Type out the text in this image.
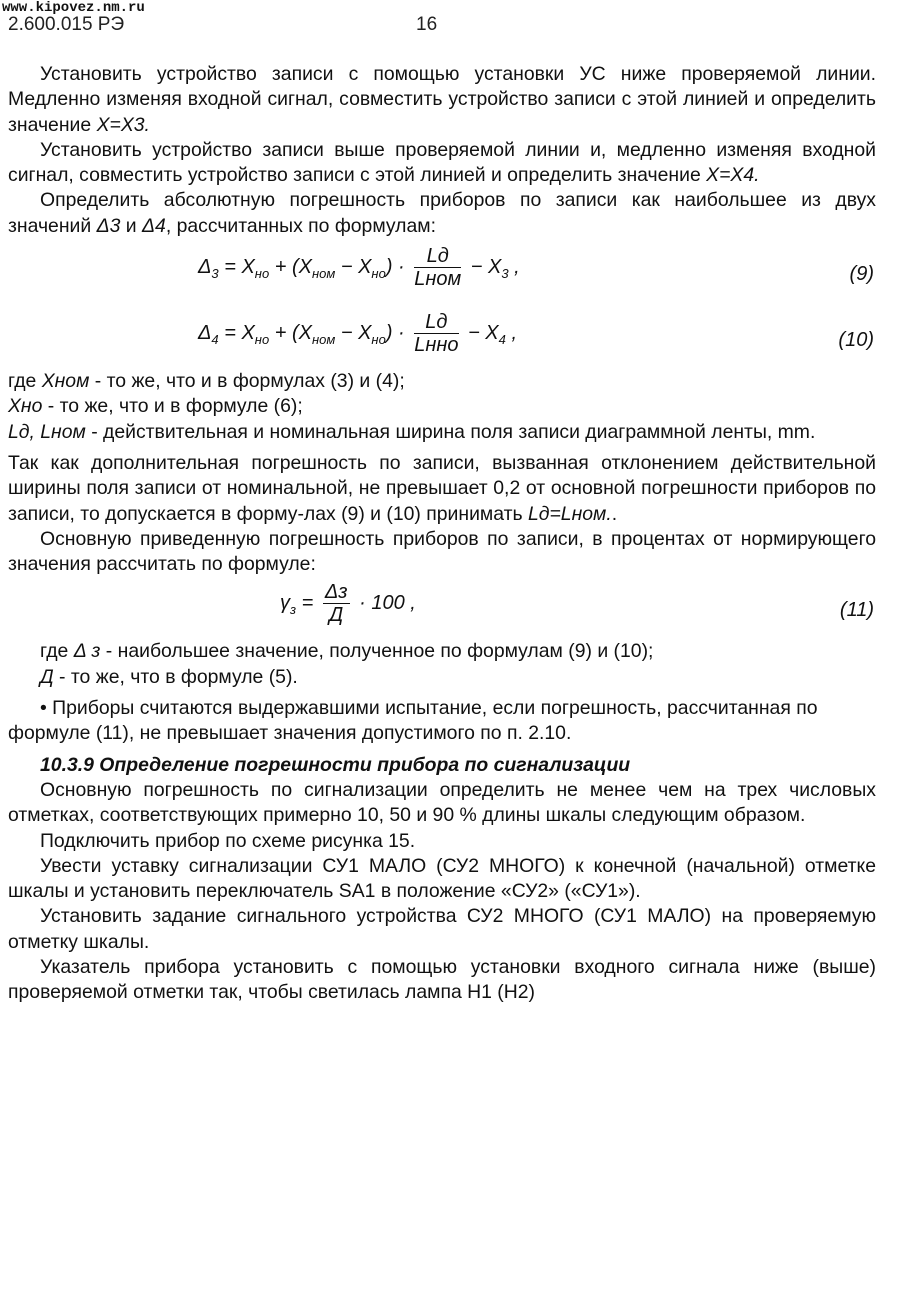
www.kipovez.nm.ru
2.600.015 РЭ	16

Установить устройство записи с помощью установки УС ниже проверяемой линии. Медленно изменяя входной сигнал, совместить устройство записи с этой линией и определить значение X=X3.

Установить устройство записи выше проверяемой линии и, медленно изменяя входной сигнал, совместить устройство записи с этой линией и определить значение X=X4.

Определить абсолютную погрешность приборов по записи как наибольшее из двух значений Δ3 и Δ4, рассчитанных по формулам:

$\Delta_3 = X_{но} + (X_{ном} - X_{но}) \cdot \frac{Lд}{\text{Lном}} - X_3$ ,	(9)
$\Delta_4 = X_{но} + (X_{ном} - X_{но}) \cdot \frac{Lд}{\text{Lнно}} - X_4$ ,	(10)

где Xном - то же, что и в формулах (3) и (4);

Xно - то же, что и в формуле (6);

Lд, Lном - действительная и номинальная ширина поля записи диаграммной ленты, mm.

Так как дополнительная погрешность по записи, вызванная отклонением действительной ширины поля записи от номинальной, не превышает 0,2 от основной погрешности приборов по записи, то допускается в форму-лах (9) и (10) принимать Lд=Lном..

Основную приведенную погрешность приборов по записи, в процентах от нормирующего значения рассчитать по формуле:

$\gamma_з = \frac{\Delta з}{Д} \cdot 100$ ,	(11)

где Δ з - наибольшее значение, полученное по формулам (9) и (10);

Д - то же, что в формуле (5).

• Приборы считаются выдержавшими испытание, если погрешность, рассчитанная по формуле (11), не превышает значения допустимого по п. 2.10.

10.3.9 Определение погрешности прибора по сигнализации

Основную погрешность по сигнализации определить не менее чем на трех числовых отметках, соответствующих примерно 10, 50 и 90 % длины шкалы следующим образом.

Подключить прибор по схеме рисунка 15.

Увести уставку сигнализации СУ1 МАЛО (СУ2 МНОГО) к конечной (начальной) отметке шкалы и установить переключатель SA1 в положение «СУ2» («СУ1»).

Установить задание сигнального устройства СУ2 МНОГО (СУ1 МАЛО) на проверяемую отметку шкалы.

Указатель прибора установить с помощью установки входного сигнала ниже (выше) проверяемой отметки так, чтобы светилась лампа Н1 (Н2)
